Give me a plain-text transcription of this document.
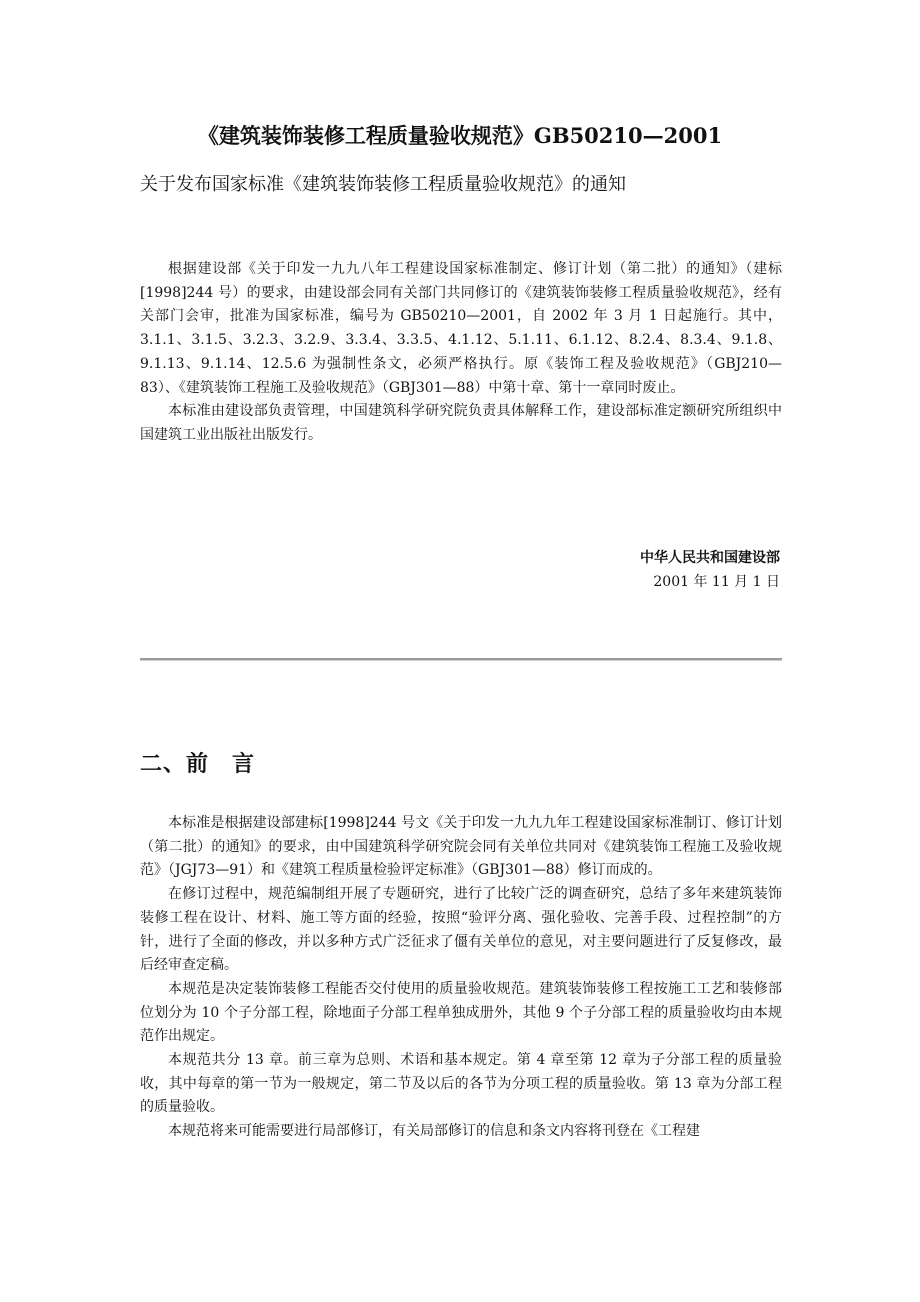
《建筑装饰装修工程质量验收规范》GB50210—2001
关于发布国家标准《建筑装饰装修工程质量验收规范》的通知

根据建设部《关于印发一九九八年工程建设国家标准制定、修订计划（第二批）的通知》（建标[1998]244 号）的要求，由建设部会同有关部门共同修订的《建筑装饰装修工程质量验收规范》，经有关部门会审，批准为国家标准，编号为 GB50210—2001，自 2002 年 3 月 1 日起施行。其中，3.1.1、3.1.5、3.2.3、3.2.9、3.3.4、3.3.5、4.1.12、5.1.11、6.1.12、8.2.4、8.3.4、9.1.8、9.1.13、9.1.14、12.5.6 为强制性条文，必须严格执行。原《装饰工程及验收规范》（GBJ210—83）、《建筑装饰工程施工及验收规范》（GBJ301—88）中第十章、第十一章同时废止。

本标准由建设部负责管理，中国建筑科学研究院负责具体解释工作，建设部标准定额研究所组织中国建筑工业出版社出版发行。

中华人民共和国建设部
2001 年 11 月 1 日
二、前　言

本标准是根据建设部建标[1998]244 号文《关于印发一九九九年工程建设国家标准制订、修订计划（第二批）的通知》的要求，由中国建筑科学研究院会同有关单位共同对《建筑装饰工程施工及验收规范》（JGJ73—91）和《建筑工程质量检验评定标准》（GBJ301—88）修订而成的。

在修订过程中，规范编制组开展了专题研究，进行了比较广泛的调查研究，总结了多年来建筑装饰装修工程在设计、材料、施工等方面的经验，按照“验评分离、强化验收、完善手段、过程控制”的方针，进行了全面的修改，并以多种方式广泛征求了僵有关单位的意见，对主要问题进行了反复修改，最后经审查定稿。

本规范是决定装饰装修工程能否交付使用的质量验收规范。建筑装饰装修工程按施工工艺和装修部位划分为 10 个子分部工程，除地面子分部工程单独成册外，其他 9 个子分部工程的质量验收均由本规范作出规定。

本规范共分 13 章。前三章为总则、术语和基本规定。第 4 章至第 12 章为子分部工程的质量验收，其中每章的第一节为一般规定，第二节及以后的各节为分项工程的质量验收。第 13 章为分部工程的质量验收。

本规范将来可能需要进行局部修订，有关局部修订的信息和条文内容将刊登在《工程建
